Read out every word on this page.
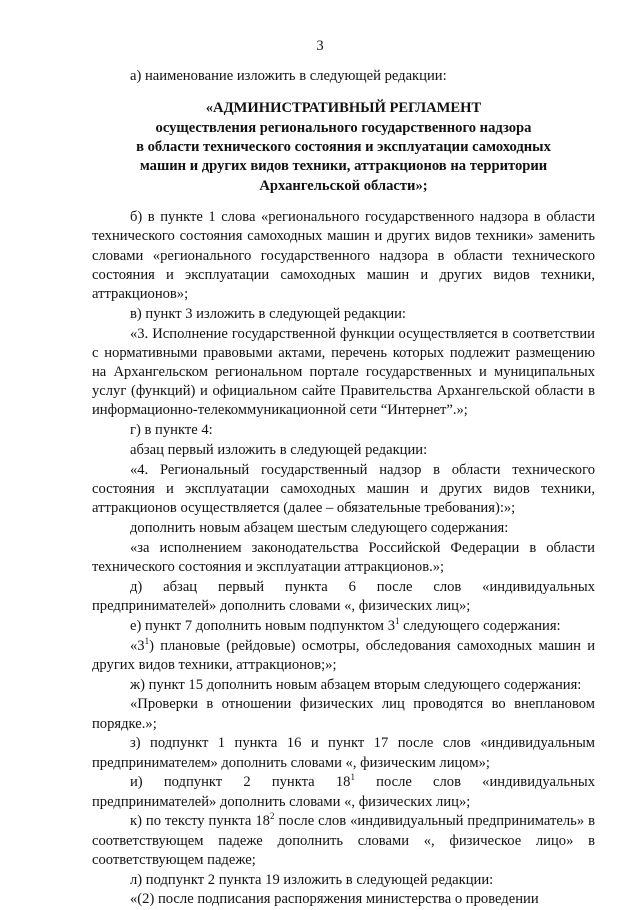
3

а) наименование изложить в следующей редакции:

«АДМИНИСТРАТИВНЫЙ РЕГЛАМЕНТ
осуществления регионального государственного надзора
в области технического состояния и эксплуатации самоходных
машин и других видов техники, аттракционов на территории
Архангельской области»;

б) в пункте 1 слова «регионального государственного надзора в области технического состояния самоходных машин и других видов техники» заменить словами «регионального государственного надзора в области технического состояния и эксплуатации самоходных машин и других видов техники, аттракционов»;

в) пункт 3 изложить в следующей редакции:

«3. Исполнение государственной функции осуществляется в соответствии с нормативными правовыми актами, перечень которых подлежит размещению на Архангельском региональном портале государственных и муниципальных услуг (функций) и официальном сайте Правительства Архангельской области в информационно-телекоммуникационной сети “Интернет”.»;

г) в пункте 4:

абзац первый изложить в следующей редакции:

«4. Региональный государственный надзор в области технического состояния и эксплуатации самоходных машин и других видов техники, аттракционов осуществляется (далее – обязательные требования):»;

дополнить новым абзацем шестым следующего содержания:

«за исполнением законодательства Российской Федерации в области технического состояния и эксплуатации аттракционов.»;

д) абзац первый пункта 6 после слов «индивидуальных предпринимателей» дополнить словами «, физических лиц»;

е) пункт 7 дополнить новым подпунктом $3^1$ следующего содержания:

«$3^1$) плановые (рейдовые) осмотры, обследования самоходных машин и других видов техники, аттракционов;»;

ж) пункт 15 дополнить новым абзацем вторым следующего содержания:

«Проверки в отношении физических лиц проводятся во внеплановом порядке.»;

з) подпункт 1 пункта 16 и пункт 17 после слов «индивидуальным предпринимателем» дополнить словами «, физическим лицом»;

и) подпункт 2 пункта $18^1$ после слов «индивидуальных предпринимателей» дополнить словами «, физических лиц»;

к) по тексту пункта $18^2$ после слов «индивидуальный предприниматель» в соответствующем падеже дополнить словами «, физическое лицо» в соответствующем падеже;

л) подпункт 2 пункта 19 изложить в следующей редакции:

«(2) после подписания распоряжения министерства о проведении
